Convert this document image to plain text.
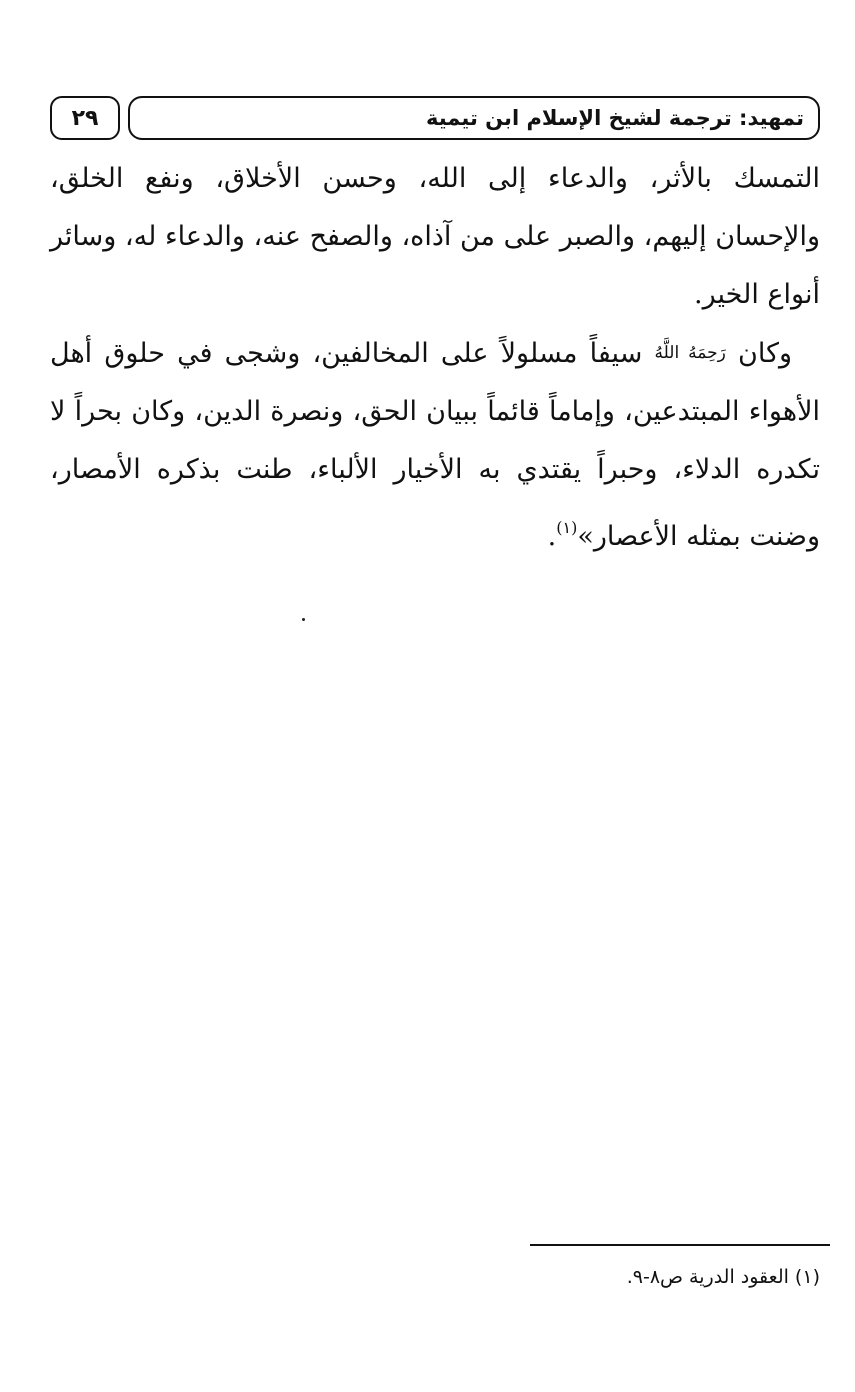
٢٩	تمهيد: ترجمة لشيخ الإسلام ابن تيمية

التمسك بالأثر، والدعاء إلى الله، وحسن الأخلاق، ونفع الخلق، والإحسان إليهم، والصبر على من آذاه، والصفح عنه، والدعاء له، وسائر أنواع الخير.

وكان رَحِمَهُ اللَّهُ سيفاً مسلولاً على المخالفين، وشجى في حلوق أهل الأهواء المبتدعين، وإماماً قائماً ببيان الحق، ونصرة الدين، وكان بحراً لا تكدره الدلاء، وحبراً يقتدي به الأخيار الألباء، طنت بذكره الأمصار، وضنت بمثله الأعصار»$^{(١)}$.

(١) العقود الدرية ص٨-٩.
